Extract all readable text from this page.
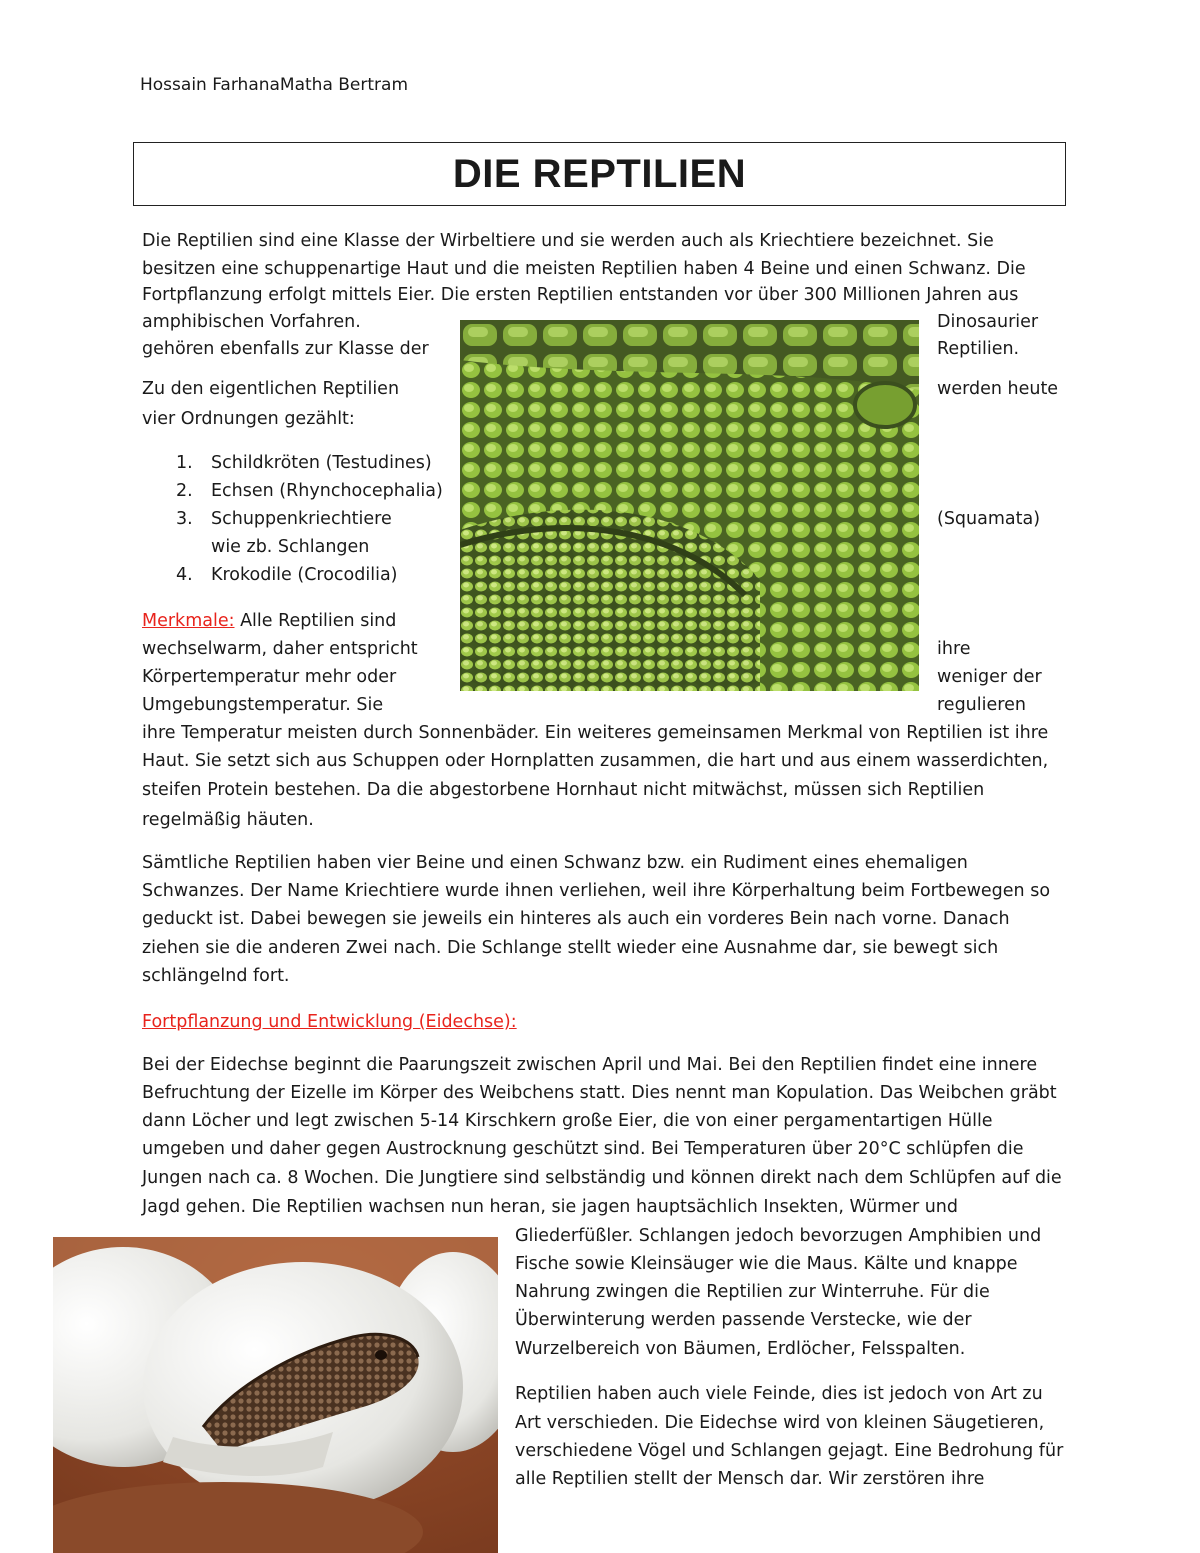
Hossain FarhanaMatha Bertram
DIE REPTILIEN
Die Reptilien sind eine Klasse der Wirbeltiere und sie werden auch als Kriechtiere bezeichnet. Sie
besitzen eine schuppenartige Haut und die meisten Reptilien haben 4 Beine und einen Schwanz. Die
Fortpflanzung erfolgt mittels Eier. Die ersten Reptilien entstanden vor über 300 Millionen Jahren aus
amphibischen Vorfahren.	Dinosaurier
gehören ebenfalls zur Klasse der	Reptilien.
Zu den eigentlichen Reptilien	werden heute
vier Ordnungen gezählt:
1. Schildkröten (Testudines)
2. Echsen (Rhynchocephalia)
3. Schuppenkriechtiere	(Squamata)
wie zb. Schlangen
4. Krokodile (Crocodilia)
Merkmale: Alle Reptilien sind
wechselwarm, daher entspricht	ihre
Körpertemperatur mehr oder	weniger der
Umgebungstemperatur. Sie	regulieren
ihre Temperatur meisten durch Sonnenbäder. Ein weiteres gemeinsamen Merkmal von Reptilien ist ihre
Haut. Sie setzt sich aus Schuppen oder Hornplatten zusammen, die hart und aus einem wasserdichten,
steifen Protein bestehen. Da die abgestorbene Hornhaut nicht mitwächst, müssen sich Reptilien
regelmäßig häuten.
Sämtliche Reptilien haben vier Beine und einen Schwanz bzw. ein Rudiment eines ehemaligen
Schwanzes. Der Name Kriechtiere wurde ihnen verliehen, weil ihre Körperhaltung beim Fortbewegen so
geduckt ist. Dabei bewegen sie jeweils ein hinteres als auch ein vorderes Bein nach vorne. Danach
ziehen sie die anderen Zwei nach. Die Schlange stellt wieder eine Ausnahme dar, sie bewegt sich
schlängelnd fort.
Fortpflanzung und Entwicklung (Eidechse):
Bei der Eidechse beginnt die Paarungszeit zwischen April und Mai. Bei den Reptilien findet eine innere
Befruchtung der Eizelle im Körper des Weibchens statt. Dies nennt man Kopulation. Das Weibchen gräbt
dann Löcher und legt zwischen 5-14 Kirschkern große Eier, die von einer pergamentartigen Hülle
umgeben und daher gegen Austrocknung geschützt sind. Bei Temperaturen über 20°C schlüpfen die
Jungen nach ca. 8 Wochen. Die Jungtiere sind selbständig und können direkt nach dem Schlüpfen auf die
Jagd gehen. Die Reptilien wachsen nun heran, sie jagen hauptsächlich Insekten, Würmer und
Gliederfüßler. Schlangen jedoch bevorzugen Amphibien und
Fische sowie Kleinsäuger wie die Maus. Kälte und knappe
Nahrung zwingen die Reptilien zur Winterruhe. Für die
Überwinterung werden passende Verstecke, wie der
Wurzelbereich von Bäumen, Erdlöcher, Felsspalten.
Reptilien haben auch viele Feinde, dies ist jedoch von Art zu
Art verschieden. Die Eidechse wird von kleinen Säugetieren,
verschiedene Vögel und Schlangen gejagt. Eine Bedrohung für
alle Reptilien stellt der Mensch dar. Wir zerstören ihre
